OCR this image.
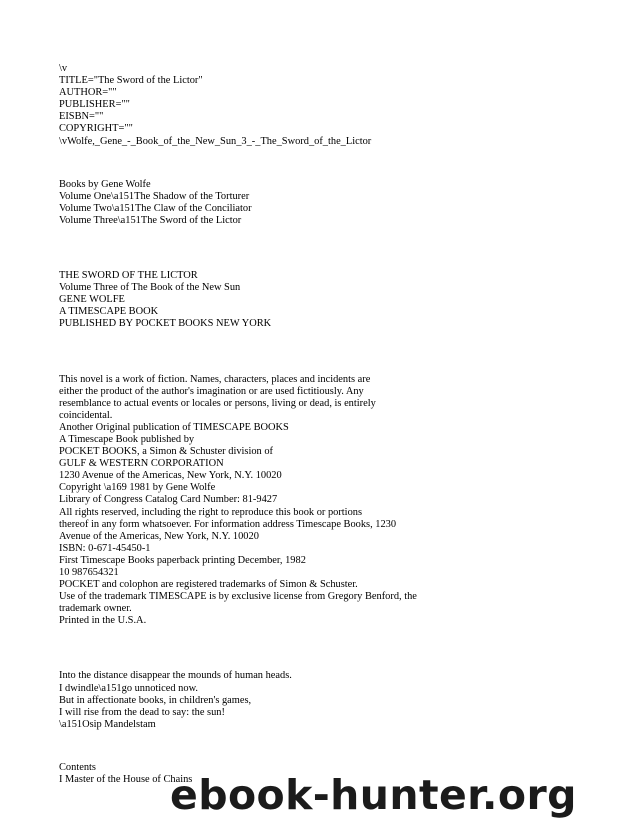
\v
TITLE="The Sword of the Lictor"
AUTHOR=""
PUBLISHER=""
EISBN=""
COPYRIGHT=""
\vWolfe,_Gene_-_Book_of_the_New_Sun_3_-_The_Sword_of_the_Lictor
Books by Gene Wolfe
Volume One\a151The Shadow of the Torturer
Volume Two\a151The Claw of the Conciliator
Volume Three\a151The Sword of the Lictor
THE SWORD OF THE LICTOR
Volume Three of The Book of the New Sun
GENE WOLFE
A TIMESCAPE BOOK
PUBLISHED BY POCKET BOOKS NEW YORK
This novel is a work of fiction. Names, characters, places and incidents are
either the product of the author's imagination or are used fictitiously. Any
resemblance to actual events or locales or persons, living or dead, is entirely
coincidental.
Another Original publication of TIMESCAPE BOOKS
A Timescape Book published by
POCKET BOOKS, a Simon & Schuster division of
GULF & WESTERN CORPORATION
1230 Avenue of the Americas, New York, N.Y. 10020
Copyright \a169 1981 by Gene Wolfe
Library of Congress Catalog Card Number: 81-9427
All rights reserved, including the right to reproduce this book or portions
thereof in any form whatsoever. For information address Timescape Books, 1230
Avenue of the Americas, New York, N.Y. 10020
ISBN: 0-671-45450-1
First Timescape Books paperback printing December, 1982
10 987654321
POCKET and colophon are registered trademarks of Simon & Schuster.
Use of the trademark TIMESCAPE is by exclusive license from Gregory Benford, the
trademark owner.
Printed in the U.S.A.
Into the distance disappear the mounds of human heads.
I dwindle\a151go unnoticed now.
But in affectionate books, in children's games,
I will rise from the dead to say: the sun!
\a151Osip Mandelstam
Contents
I Master of the House of Chains
ebook-hunter.org
